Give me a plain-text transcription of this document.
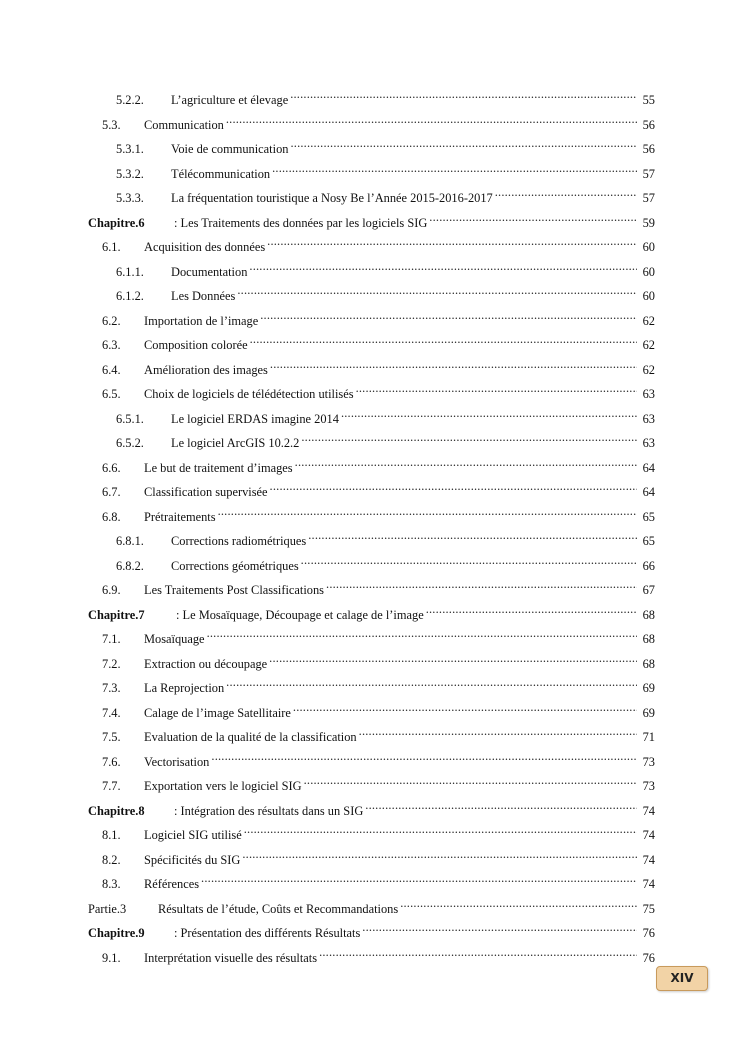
5.2.2.	L’agriculture et élevage .....	55
5.3.	Communication .....	56
5.3.1.	Voie de communication .....	56
5.3.2.	Télécommunication .....	57
5.3.3.	La fréquentation touristique a Nosy Be l’Année 2015-2016-2017 .....	57
Chapitre.6	: Les Traitements des données par les logiciels SIG .....	59
6.1.	Acquisition des données .....	60
6.1.1.	Documentation .....	60
6.1.2.	Les Données .....	60
6.2.	Importation de l’image .....	62
6.3.	Composition colorée .....	62
6.4.	Amélioration des images .....	62
6.5.	Choix de logiciels de télédétection utilisés .....	63
6.5.1.	Le logiciel ERDAS imagine 2014 .....	63
6.5.2.	Le logiciel ArcGIS 10.2.2 .....	63
6.6.	Le but de traitement d’images .....	64
6.7.	Classification supervisée .....	64
6.8.	Prétraitements .....	65
6.8.1.	Corrections radiométriques .....	65
6.8.2.	Corrections géométriques .....	66
6.9.	Les Traitements Post Classifications .....	67
Chapitre.7	: Le Mosaïquage, Découpage et calage de l’image .....	68
7.1.	Mosaïquage .....	68
7.2.	Extraction ou découpage .....	68
7.3.	La Reprojection .....	69
7.4.	Calage de l’image Satellitaire .....	69
7.5.	Evaluation de la qualité de la classification .....	71
7.6.	Vectorisation .....	73
7.7.	Exportation vers le logiciel SIG .....	73
Chapitre.8	: Intégration des résultats dans un SIG .....	74
8.1.	Logiciel SIG utilisé .....	74
8.2.	Spécificités du SIG .....	74
8.3.	Références .....	74
Partie.3	Résultats de l’étude, Coûts et Recommandations .....	75
Chapitre.9	: Présentation des différents Résultats .....	76
9.1.	Interprétation visuelle des résultats .....	76
XIV
